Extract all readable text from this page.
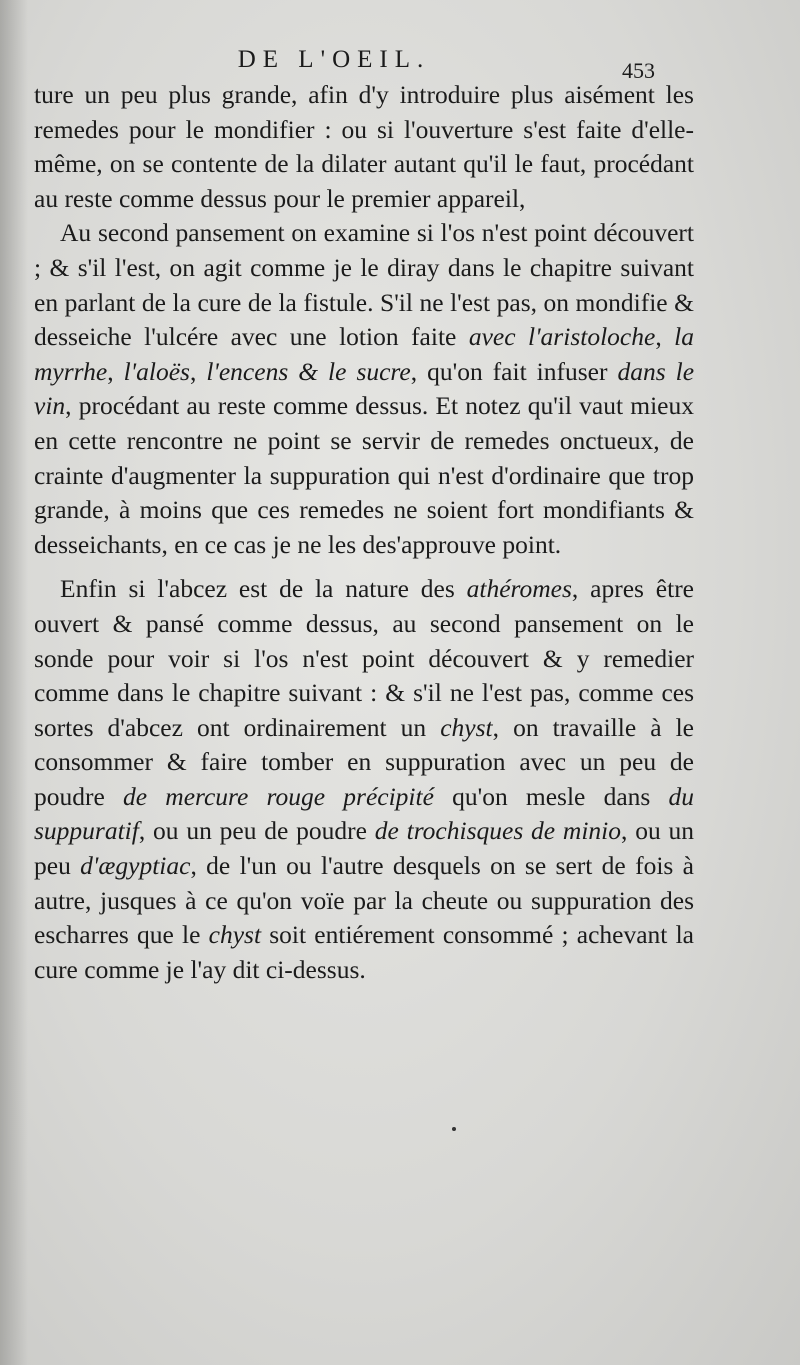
DE L'OEIL.	453

ture un peu plus grande, afin d'y introduire plus aisément les remedes pour le mondifier : ou si l'ouverture s'est faite d'elle-même, on se contente de la dilater autant qu'il le faut, procédant au reste comme dessus pour le premier appareil,

Au second pansement on examine si l'os n'est point découvert ; & s'il l'est, on agit comme je le diray dans le chapitre suivant en parlant de la cure de la fistule. S'il ne l'est pas, on mondifie & desseiche l'ulcére avec une lotion faite avec l'aristoloche, la myrrhe, l'aloës, l'encens & le sucre, qu'on fait infuser dans le vin, procédant au reste comme dessus. Et notez qu'il vaut mieux en cette rencontre ne point se servir de remedes onctueux, de crainte d'augmenter la suppuration qui n'est d'ordinaire que trop grande, à moins que ces remedes ne soient fort mondifiants & desseichants, en ce cas je ne les des'approuve point.

Enfin si l'abcez est de la nature des athéromes, apres être ouvert & pansé comme dessus, au second pansement on le sonde pour voir si l'os n'est point découvert & y remedier comme dans le chapitre suivant : & s'il ne l'est pas, comme ces sortes d'abcez ont ordinairement un chyst, on travaille à le consommer & faire tomber en suppuration avec un peu de poudre de mercure rouge précipité qu'on mesle dans du suppuratif, ou un peu de poudre de trochisques de minio, ou un peu d'ægyptiac, de l'un ou l'autre desquels on se sert de fois à autre, jusques à ce qu'on voïe par la cheute ou suppuration des escharres que le chyst soit entiérement consommé ; achevant la cure comme je l'ay dit ci-dessus.
